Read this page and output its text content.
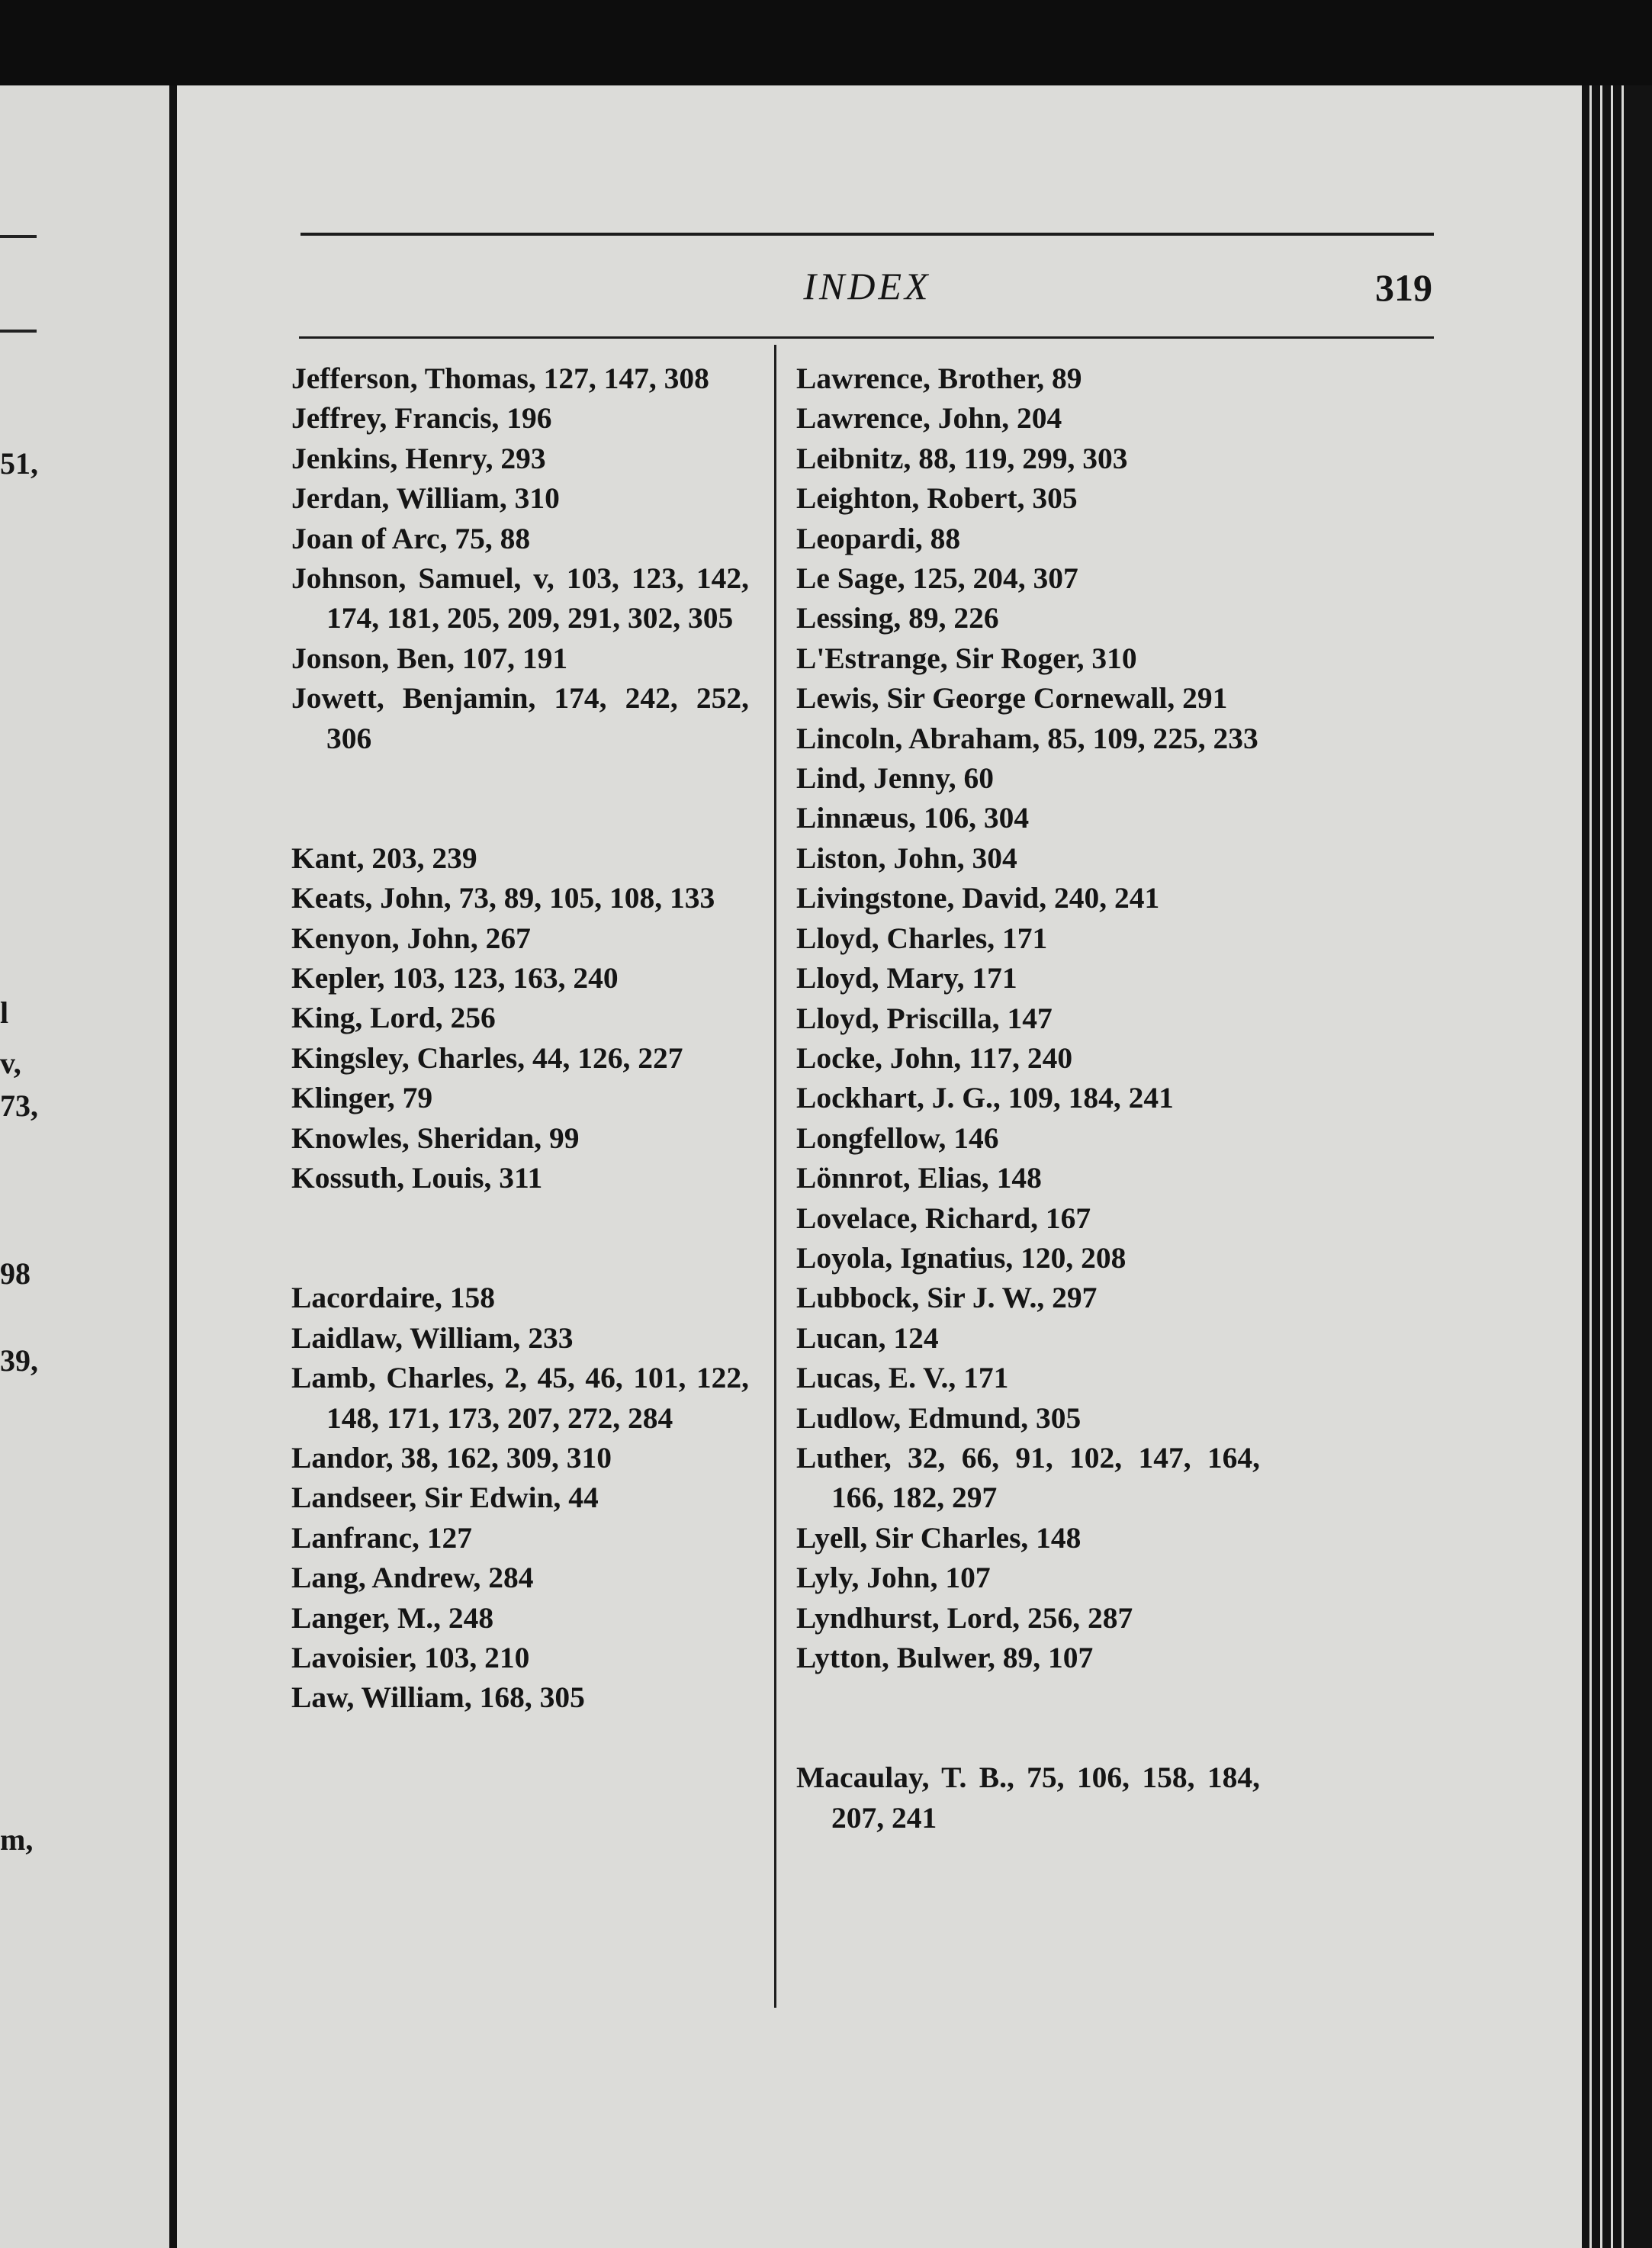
51,
l
v,
73,
98
39,
m,
INDEX	319
Jefferson, Thomas, 127, 147, 308
Jeffrey, Francis, 196
Jenkins, Henry, 293
Jerdan, William, 310
Joan of Arc, 75, 88
Johnson, Samuel, v, 103, 123, 142, 174, 181, 205, 209, 291, 302, 305
Jonson, Ben, 107, 191
Jowett, Benjamin, 174, 242, 252, 306
Kant, 203, 239
Keats, John, 73, 89, 105, 108, 133
Kenyon, John, 267
Kepler, 103, 123, 163, 240
King, Lord, 256
Kingsley, Charles, 44, 126, 227
Klinger, 79
Knowles, Sheridan, 99
Kossuth, Louis, 311
Lacordaire, 158
Laidlaw, William, 233
Lamb, Charles, 2, 45, 46, 101, 122, 148, 171, 173, 207, 272, 284
Landor, 38, 162, 309, 310
Landseer, Sir Edwin, 44
Lanfranc, 127
Lang, Andrew, 284
Langer, M., 248
Lavoisier, 103, 210
Law, William, 168, 305
Lawrence, Brother, 89
Lawrence, John, 204
Leibnitz, 88, 119, 299, 303
Leighton, Robert, 305
Leopardi, 88
Le Sage, 125, 204, 307
Lessing, 89, 226
L'Estrange, Sir Roger, 310
Lewis, Sir George Cornewall, 291
Lincoln, Abraham, 85, 109, 225, 233
Lind, Jenny, 60
Linnæus, 106, 304
Liston, John, 304
Livingstone, David, 240, 241
Lloyd, Charles, 171
Lloyd, Mary, 171
Lloyd, Priscilla, 147
Locke, John, 117, 240
Lockhart, J. G., 109, 184, 241
Longfellow, 146
Lönnrot, Elias, 148
Lovelace, Richard, 167
Loyola, Ignatius, 120, 208
Lubbock, Sir J. W., 297
Lucan, 124
Lucas, E. V., 171
Ludlow, Edmund, 305
Luther, 32, 66, 91, 102, 147, 164, 166, 182, 297
Lyell, Sir Charles, 148
Lyly, John, 107
Lyndhurst, Lord, 256, 287
Lytton, Bulwer, 89, 107
Macaulay, T. B., 75, 106, 158, 184, 207, 241
